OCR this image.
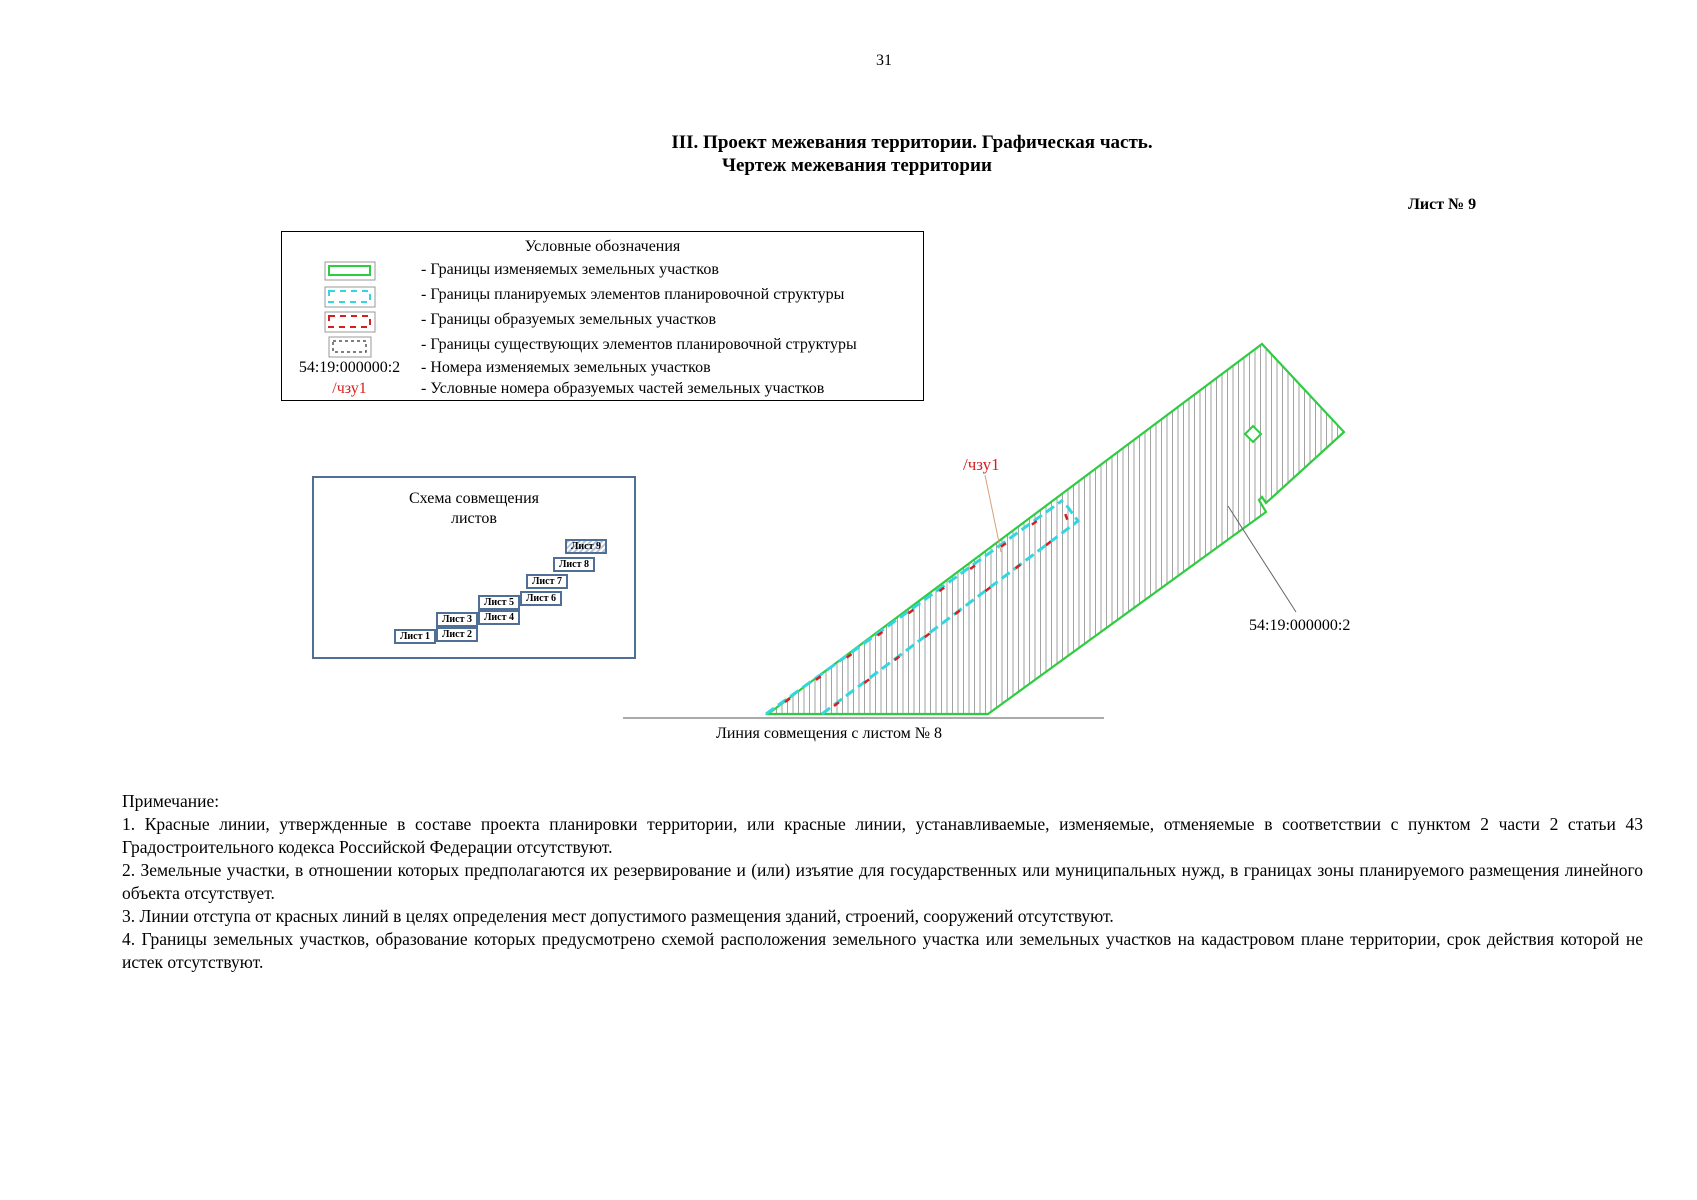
31
III. Проект межевания территории. Графическая часть.
Чертеж межевания территории
Лист № 9
Условные обозначения
- Границы изменяемых земельных участков
- Границы планируемых элементов планировочной структуры
- Границы образуемых земельных участков
- Границы существующих элементов планировочной структуры
54:19:000000:2	- Номера изменяемых земельных участков
/чзу1	- Условные номера образуемых частей земельных участков
Схема совмещения
листов
Лист 1	Лист 2
Лист 3	Лист 4
Лист 5	Лист 6
Лист 7
Лист 8
Лист 9
/чзу1
54:19:000000:2
Линия совмещения с листом № 8

Примечание:

1. Красные линии, утвержденные в составе проекта планировки территории, или красные линии, устанавливаемые, изменяемые, отменяемые в соответствии с пунктом 2 части 2 статьи 43 Градостроительного кодекса Российской Федерации отсутствуют.

2. Земельные участки, в отношении которых предполагаются их резервирование и (или) изъятие для государственных или муниципальных нужд, в границах зоны планируемого размещения линейного объекта отсутствует.

3. Линии отступа от красных линий в целях определения мест допустимого размещения зданий, строений, сооружений отсутствуют.

4. Границы земельных участков, образование которых предусмотрено схемой расположения земельного участка или земельных участков на кадастровом плане территории, срок действия которой не истек отсутствуют.
